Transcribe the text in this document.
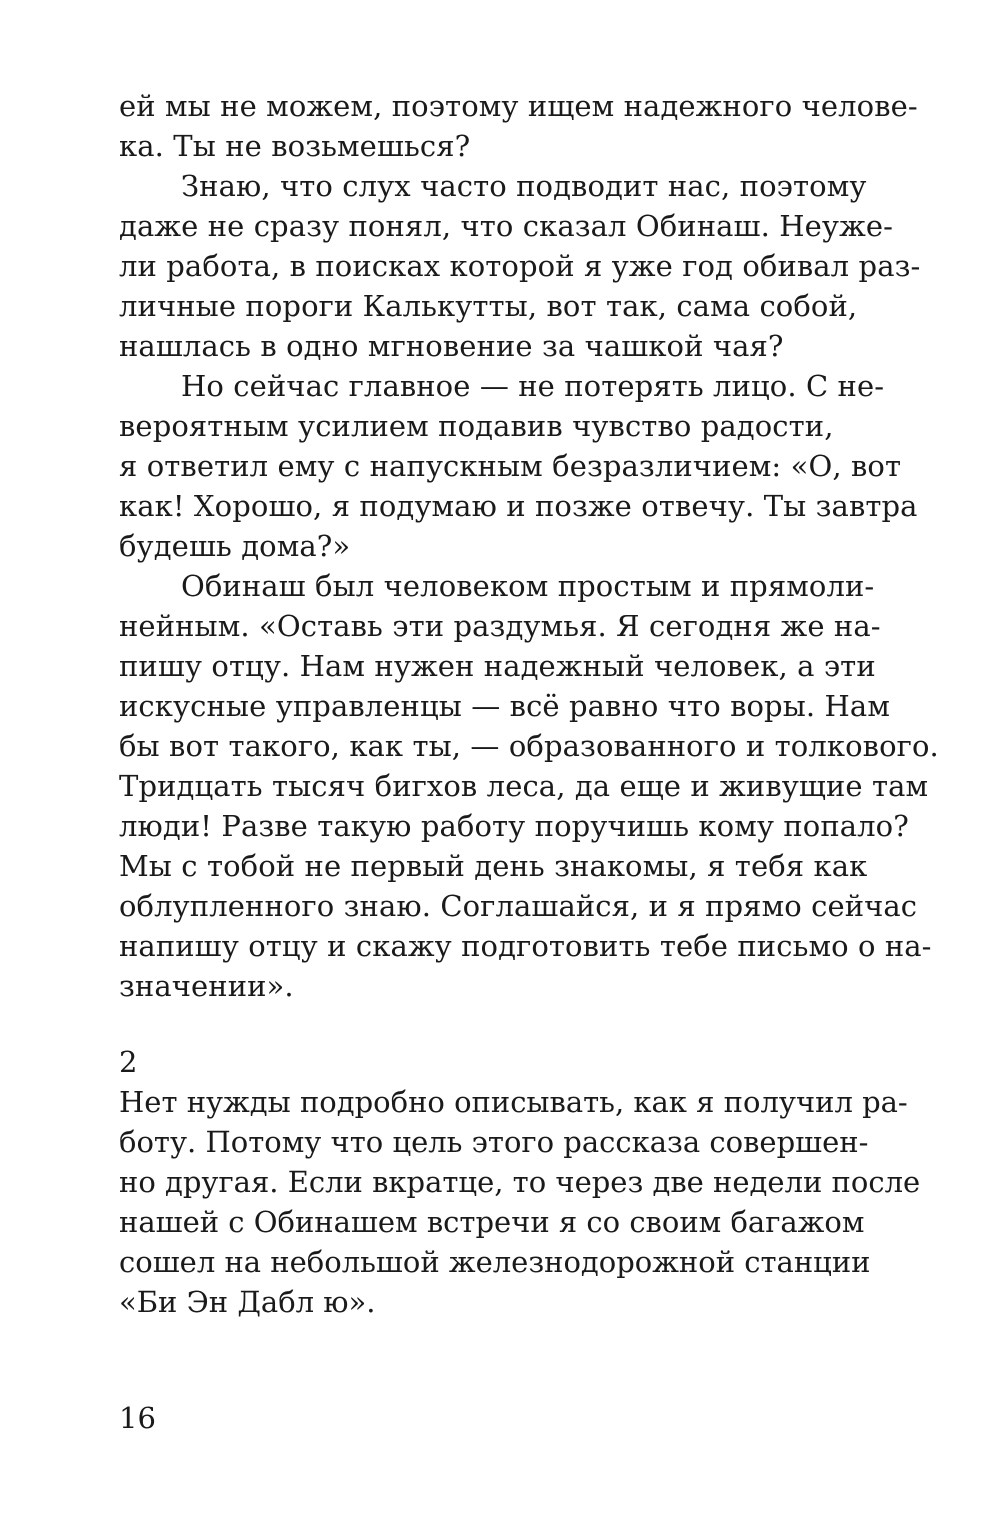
ей мы не можем, поэтому ищем надежного челове-
ка. Ты не возьмешься?
Знаю, что слух часто подводит нас, поэтому
даже не сразу понял, что сказал Обинаш. Неуже-
ли работа, в поисках которой я уже год обивал раз-
личные пороги Калькутты, вот так, сама собой,
нашлась в одно мгновение за чашкой чая?
Но сейчас главное — не потерять лицо. С не-
вероятным усилием подавив чувство радости,
я ответил ему с напускным безразличием: «О, вот
как! Хорошо, я подумаю и позже отвечу. Ты завтра
будешь дома?»
Обинаш был человеком простым и прямоли-
нейным. «Оставь эти раздумья. Я сегодня же на-
пишу отцу. Нам нужен надежный человек, а эти
искусные управленцы — всё равно что воры. Нам
бы вот такого, как ты, — образованного и толкового.
Тридцать тысяч бигхов леса, да еще и живущие там
люди! Разве такую работу поручишь кому попало?
Мы с тобой не первый день знакомы, я тебя как
облупленного знаю. Соглашайся, и я прямо сейчас
напишу отцу и скажу подготовить тебе письмо о на-
значении».
2
Нет нужды подробно описывать, как я получил ра-
боту. Потому что цель этого рассказа совершен-
но другая. Если вкратце, то через две недели после
нашей с Обинашем встречи я со своим багажом
сошел на небольшой железнодорожной станции
«Би Эн Дабл ю».
16
